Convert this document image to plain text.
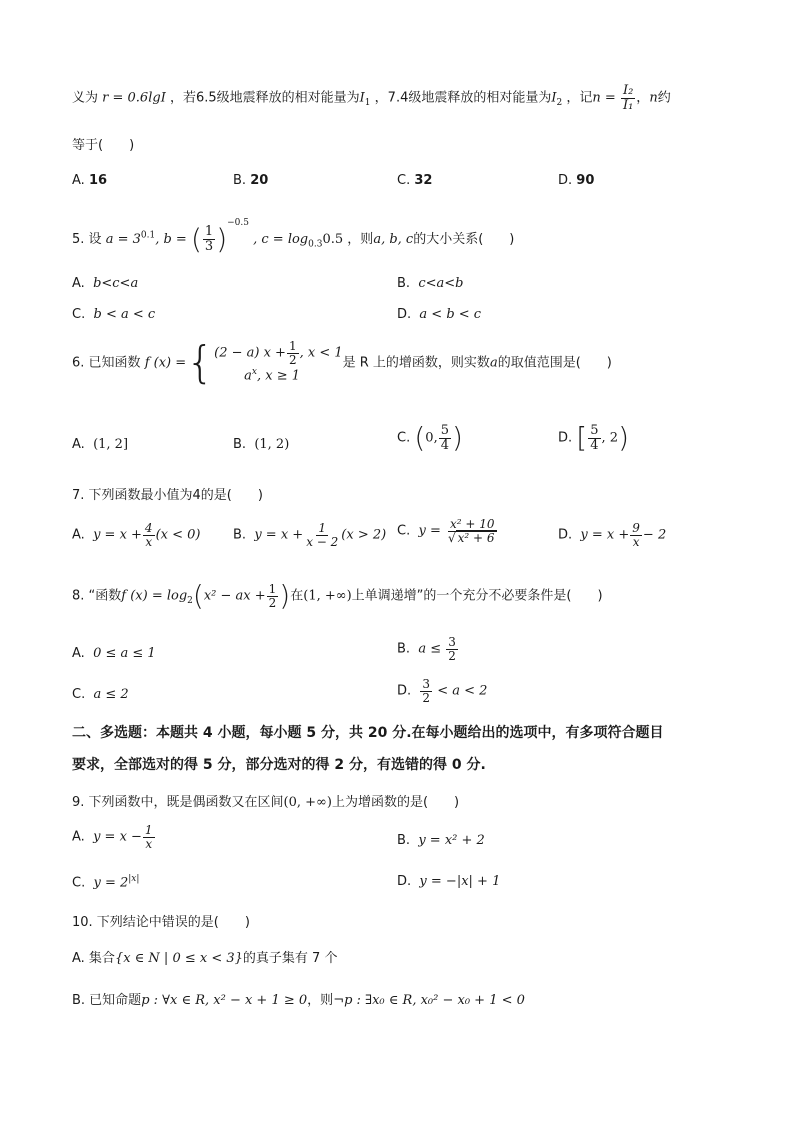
义为 r = 0.6lgI ，若6.5级地震释放的相对能量为$I_1$ ，7.4级地震释放的相对能量为$I_2$ ，记$n = \frac{\text{I₂}}{\text{I₁}}$ ，n约
等于(　　)
A. 16	B. 20	C. 32	D. 90
5. 设 $a = 3^{0.1}$, b = ( $\frac{1}{3} )^{-0.5}$ , $c = \log_{0.3}0.5$ ，则a, b, c的大小关系(　　)
A. b<c<a	B. c<a<b
C. b < a < c	D. a < b < c
6. 已知函数 f (x) ={ (2 − a) $x + \frac{1}{2}$ , x < 1
$a^x$, x ≥ 1
是 R 上的增函数，则实数a的取值范围是(　　)
A. (1, 2]	B. (1, 2)	C. (0, $\frac{5}{4}$ )	D. [ $\frac{5}{4}$ , 2)
7. 下列函数最小值为4的是(　　)
A. $y = x + \frac{4}{x} (x < 0)$	B. $y = x + \frac{1}{x - 2} (x > 2)$ C. $y = \frac{\text{x² + 10}}{\text{√ x² + 6}}$	D. $y = x + \frac{9}{x} - 2$
8. “函数f $(x) = \log_2(x^2$ − ax + $\frac{1}{2}$ )在(1, +∞)上单调递增”的一个充分不必要条件是(　　)
A. 0 ≤ a ≤ 1	B. $a \le \frac{3}{2}$
C. a ≤ 2	D. $\frac{3}{2} < a < 2$
二、多选题：本题共 4 小题，每小题 5 分，共 20 分.在每小题给出的选项中，有多项符合题目
要求，全部选对的得 5 分，部分选对的得 2 分，有选错的得 0 分.
9. 下列函数中，既是偶函数又在区间(0, +∞)上为增函数的是(　　)
A. $y = x - \frac{1}{x}$	B. y = x² + 2
C. $y = 2^{|x|}$	D. y = −|x| + 1
10. 下列结论中错误的是(　　)
A. 集合{x ∈ N | 0 ≤ x < 3}的真子集有 7 个
B. 已知命题p : ∀x ∈ R, x² − x + 1 ≥ 0，则¬p : ∃x₀ ∈ R, x₀² − x₀ + 1 < 0
